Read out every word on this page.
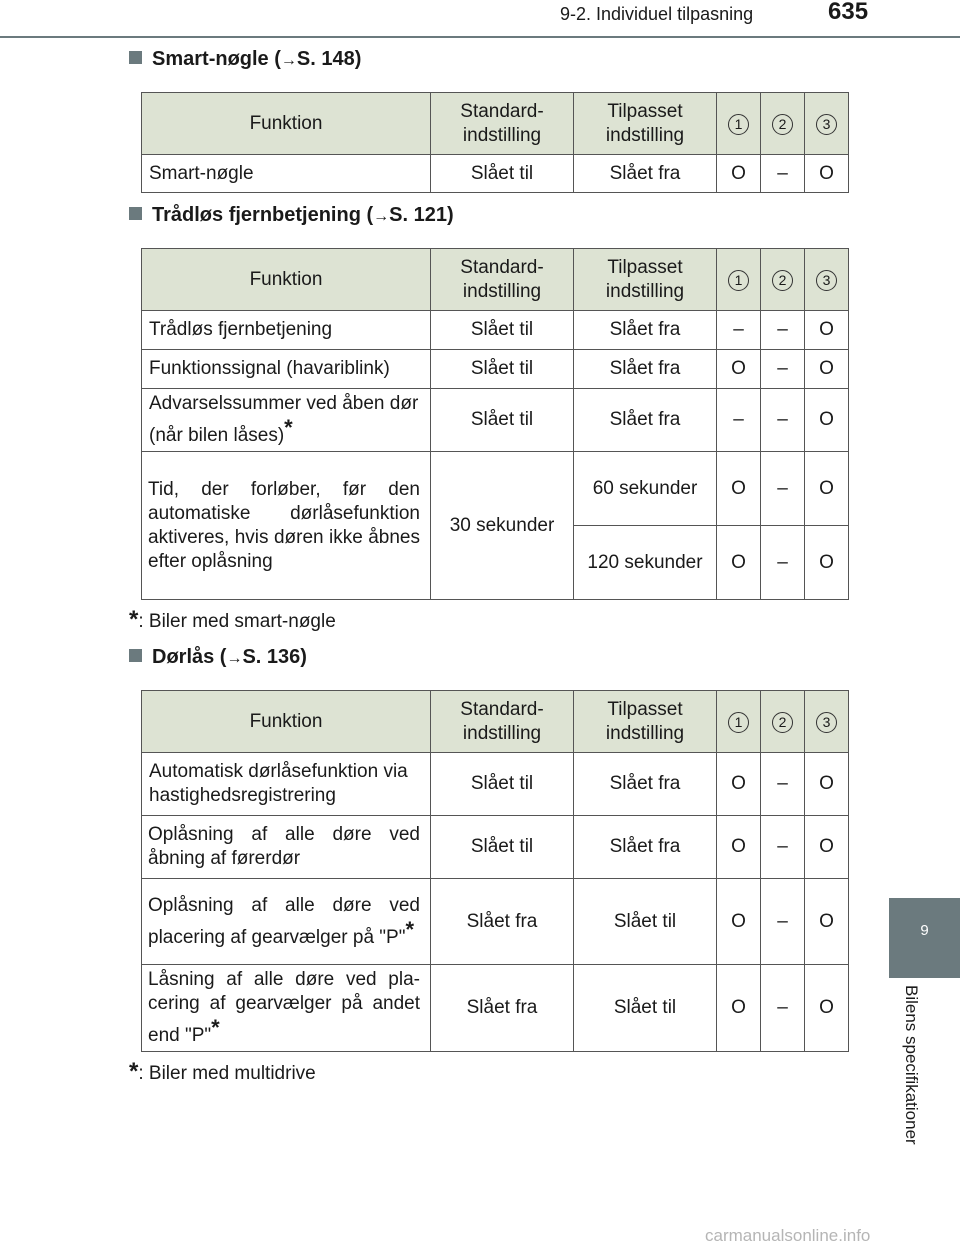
9-2. Individuel tilpasning	635
9
Bilens specifikationer
Smart-nøgle (→S. 148)
Funktion	Standard-indstilling	Tilpasset indstilling	1	2	3
Smart-nøgle	Slået til	Slået fra	O	–	O
Trådløs fjernbetjening (→S. 121)
Funktion	Standard-indstilling	Tilpasset indstilling	1	2	3
Trådløs fjernbetjening	Slået til	Slået fra	–	–	O
Funktionssignal (havariblink)	Slået til	Slået fra	O	–	O
Advarselssummer ved åben dør (når bilen låses)*	Slået til	Slået fra	–	–	O
Tid, der forløber, før den automatiske dørlåsefunktion aktiveres, hvis døren ikke åbnes efter oplåsning	30 sekunder	60 sekunder	O	–	O
		120 sekunder	O	–	O
*: Biler med smart-nøgle
Dørlås (→S. 136)
Funktion	Standard-indstilling	Tilpasset indstilling	1	2	3
Automatisk dørlåsefunktion via hastighedsregistrering	Slået til	Slået fra	O	–	O
Oplåsning af alle døre ved åbning af førerdør	Slået til	Slået fra	O	–	O
Oplåsning af alle døre ved placering af gearvælger på "P"*	Slået fra	Slået til	O	–	O
Låsning af alle døre ved pla-cering af gearvælger på andet end "P"*	Slået fra	Slået til	O	–	O
*: Biler med multidrive
carmanualsonline.info
